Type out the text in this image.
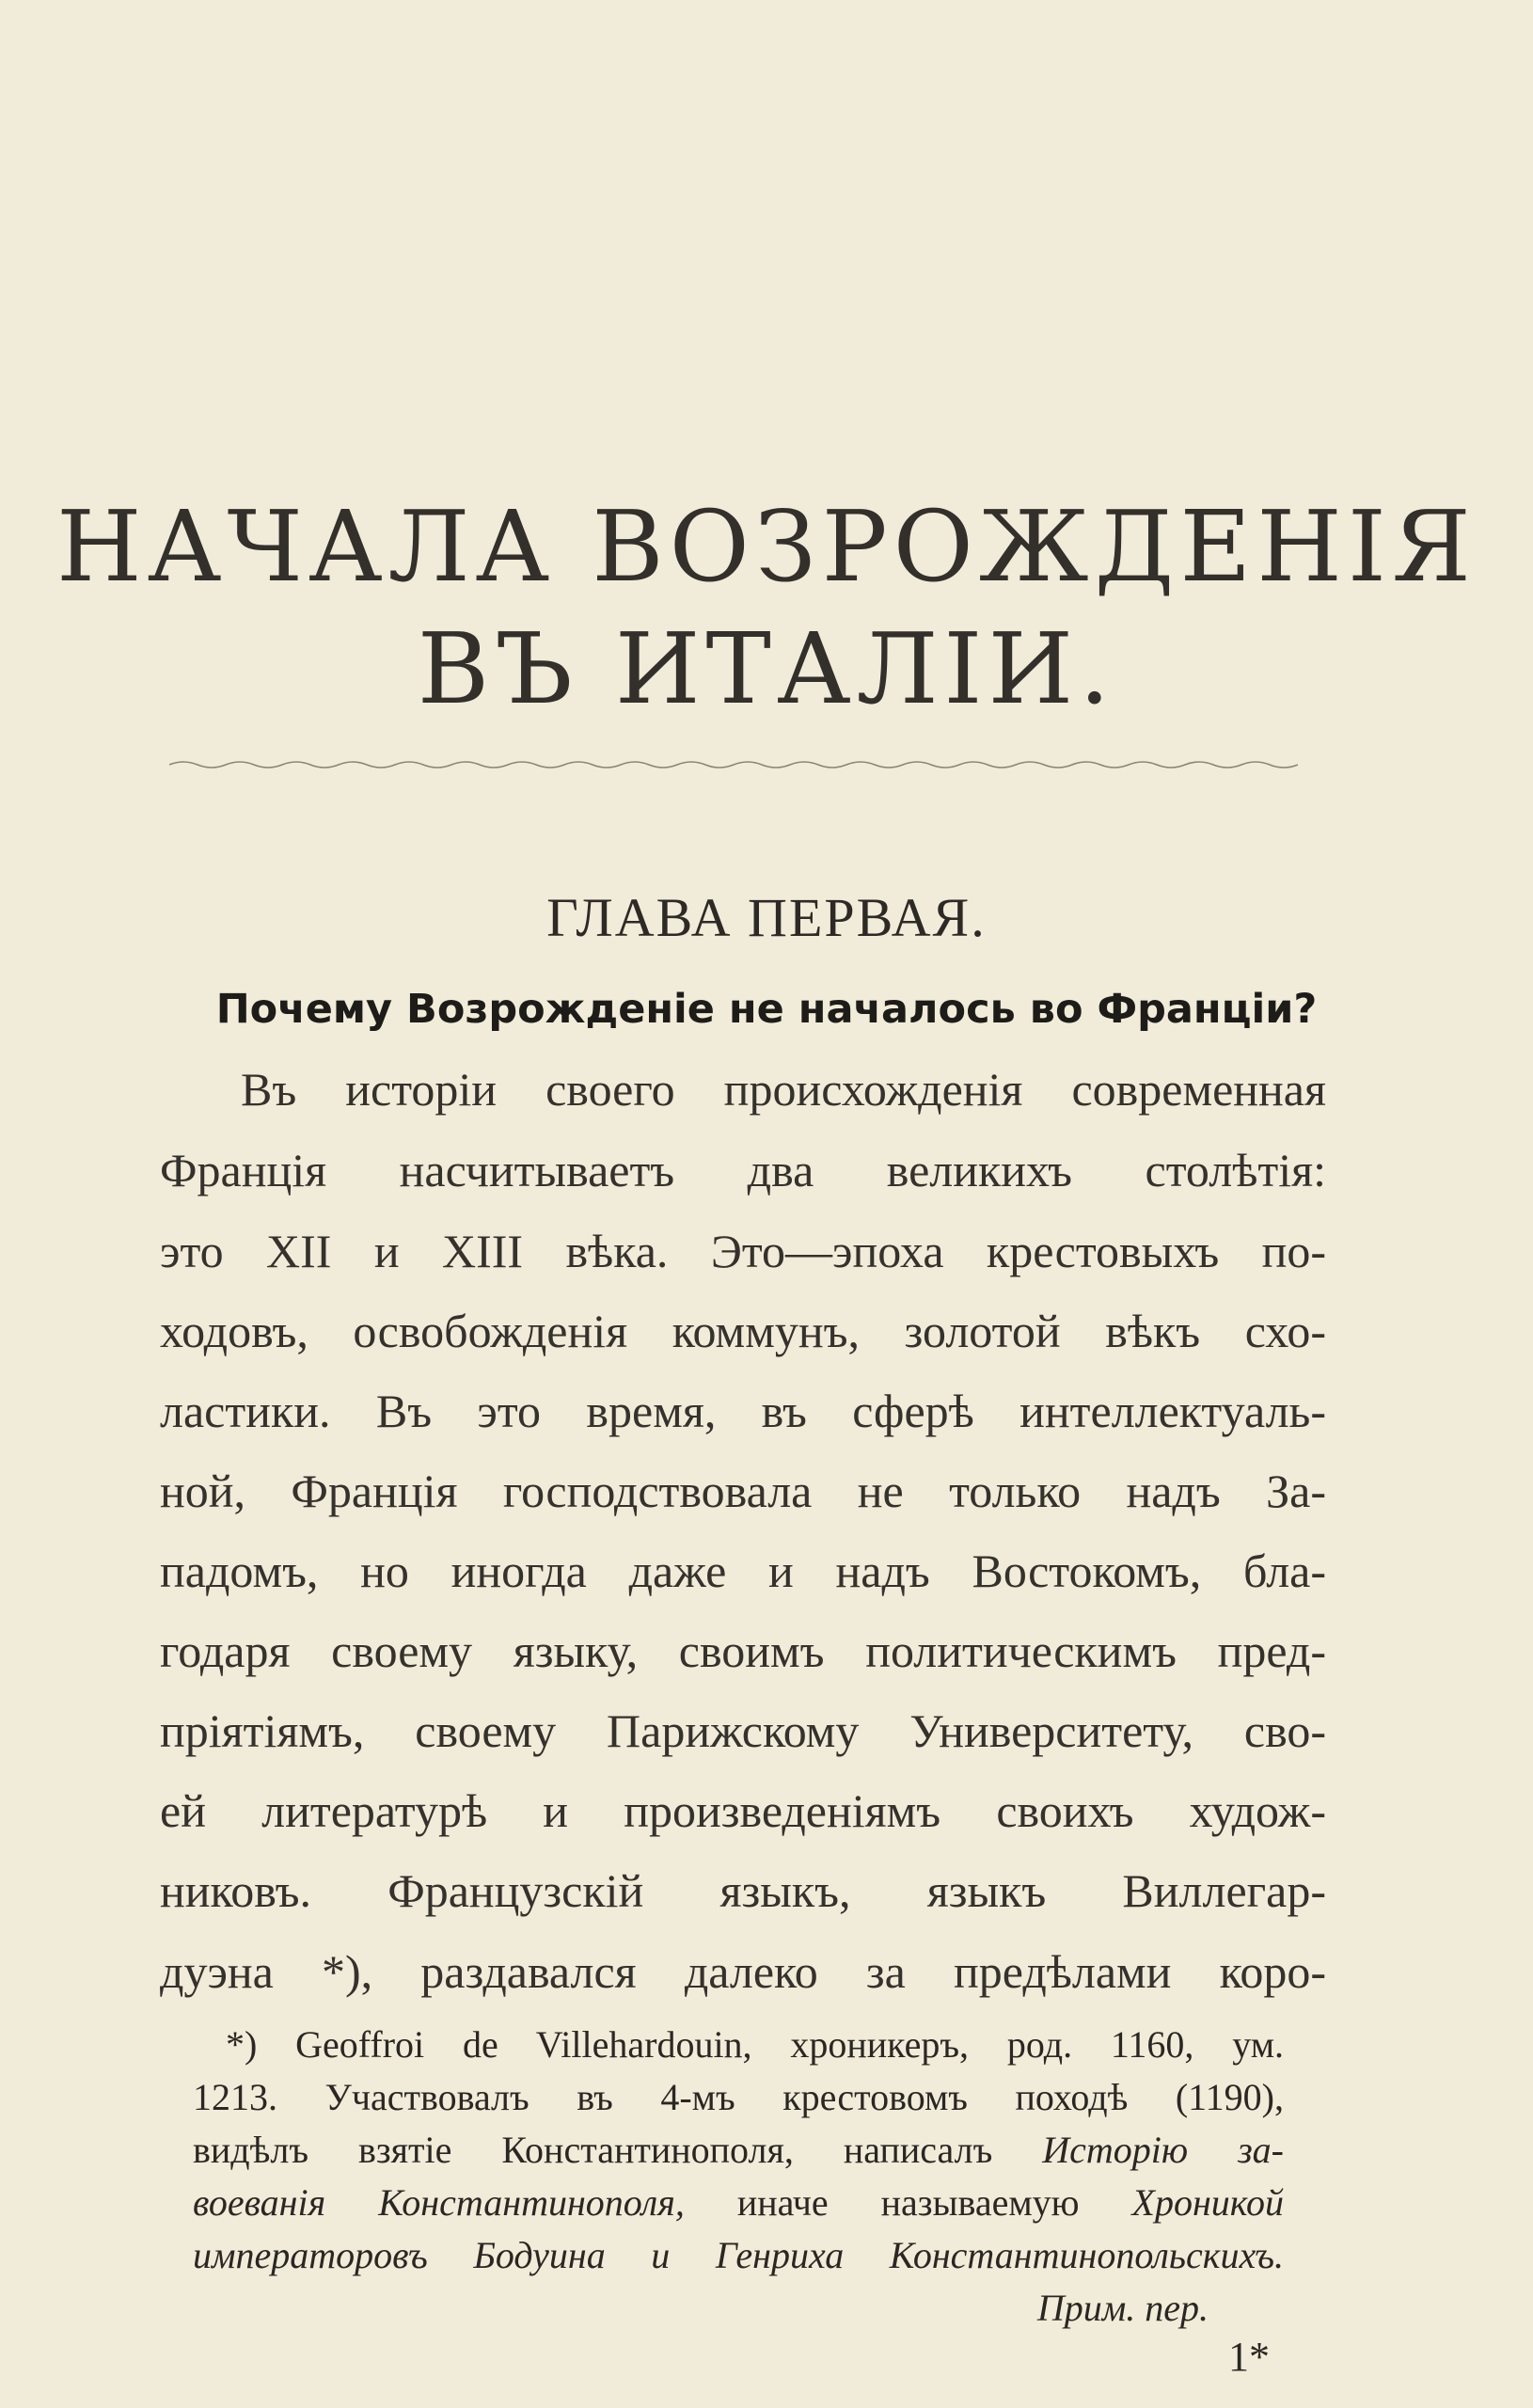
НАЧАЛА ВОЗРОЖДЕНІЯ
ВЪ ИТАЛІИ.
ГЛАВА ПЕРВАЯ.
Почему Возрожденіе не началось во Франціи?
Въ исторіи своего происхожденія современная
Франція насчитываетъ два великихъ столѣтія:
это XII и XIII вѣка. Это—эпоха крестовыхъ по-
ходовъ, освобожденія коммунъ, золотой вѣкъ схо-
ластики. Въ это время, въ сферѣ интеллектуаль-
ной, Франція господствовала не только надъ За-
падомъ, но иногда даже и надъ Востокомъ, бла-
годаря своему языку, своимъ политическимъ пред-
пріятіямъ, своему Парижскому Университету, сво-
ей литературѣ и произведеніямъ своихъ худож-
никовъ. Французскій языкъ, языкъ Виллегар-
дуэна *), раздавался далеко за предѣлами коро-
*) Geoffroi de Villehardouin, хроникеръ, род. 1160, ум.
1213. Участвовалъ въ 4-мъ крестовомъ походѣ (1190),
видѣлъ взятіе Константинополя, написалъ Исторію за-
воеванія Константинополя, иначе называемую Хроникой
императоровъ Бодуина и Генриха Константинопольскихъ.
Прим. пер.
1*
